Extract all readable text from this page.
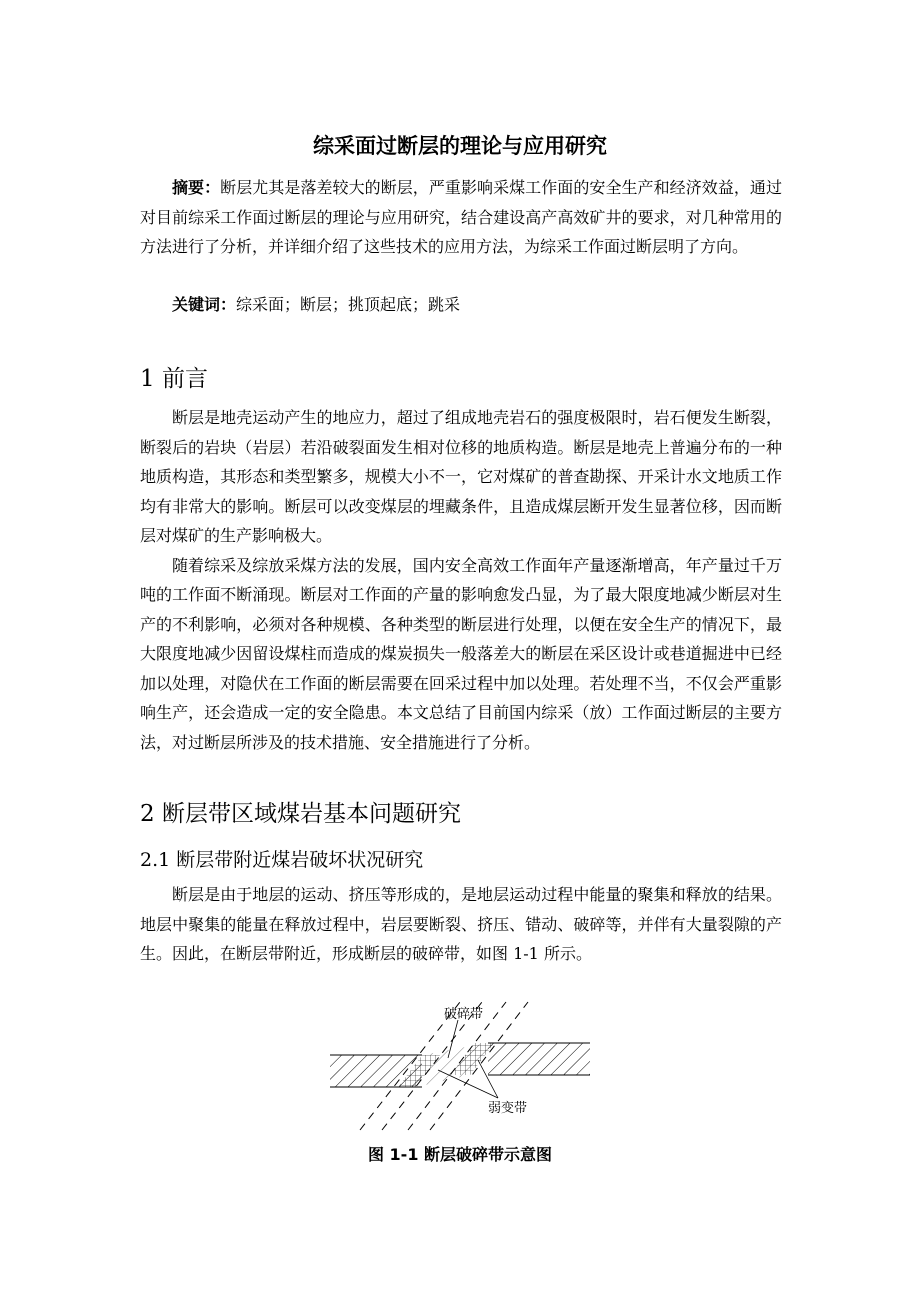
综采面过断层的理论与应用研究

摘要：断层尤其是落差较大的断层，严重影响采煤工作面的安全生产和经济效益，通过对目前综采工作面过断层的理论与应用研究，结合建设高产高效矿井的要求，对几种常用的方法进行了分析，并详细介绍了这些技术的应用方法，为综采工作面过断层明了方向。

关键词：综采面；断层；挑顶起底；跳采

1 前言

断层是地壳运动产生的地应力，超过了组成地壳岩石的强度极限时，岩石便发生断裂，断裂后的岩块（岩层）若沿破裂面发生相对位移的地质构造。断层是地壳上普遍分布的一种地质构造，其形态和类型繁多，规模大小不一，它对煤矿的普查勘探、开采计水文地质工作均有非常大的影响。断层可以改变煤层的埋藏条件，且造成煤层断开发生显著位移，因而断层对煤矿的生产影响极大。

随着综采及综放采煤方法的发展，国内安全高效工作面年产量逐渐增高，年产量过千万吨的工作面不断涌现。断层对工作面的产量的影响愈发凸显，为了最大限度地减少断层对生产的不利影响，必须对各种规模、各种类型的断层进行处理，以便在安全生产的情况下，最大限度地减少因留设煤柱而造成的煤炭损失一般落差大的断层在采区设计或巷道掘进中已经加以处理，对隐伏在工作面的断层需要在回采过程中加以处理。若处理不当，不仅会严重影响生产，还会造成一定的安全隐患。本文总结了目前国内综采（放）工作面过断层的主要方法，对过断层所涉及的技术措施、安全措施进行了分析。

2 断层带区域煤岩基本问题研究
2.1 断层带附近煤岩破坏状况研究

断层是由于地层的运动、挤压等形成的，是地层运动过程中能量的聚集和释放的结果。地层中聚集的能量在释放过程中，岩层要断裂、挤压、错动、破碎等，并伴有大量裂隙的产生。因此，在断层带附近，形成断层的破碎带，如图 1-1 所示。

破碎带
弱变带
图 1-1 断层破碎带示意图
